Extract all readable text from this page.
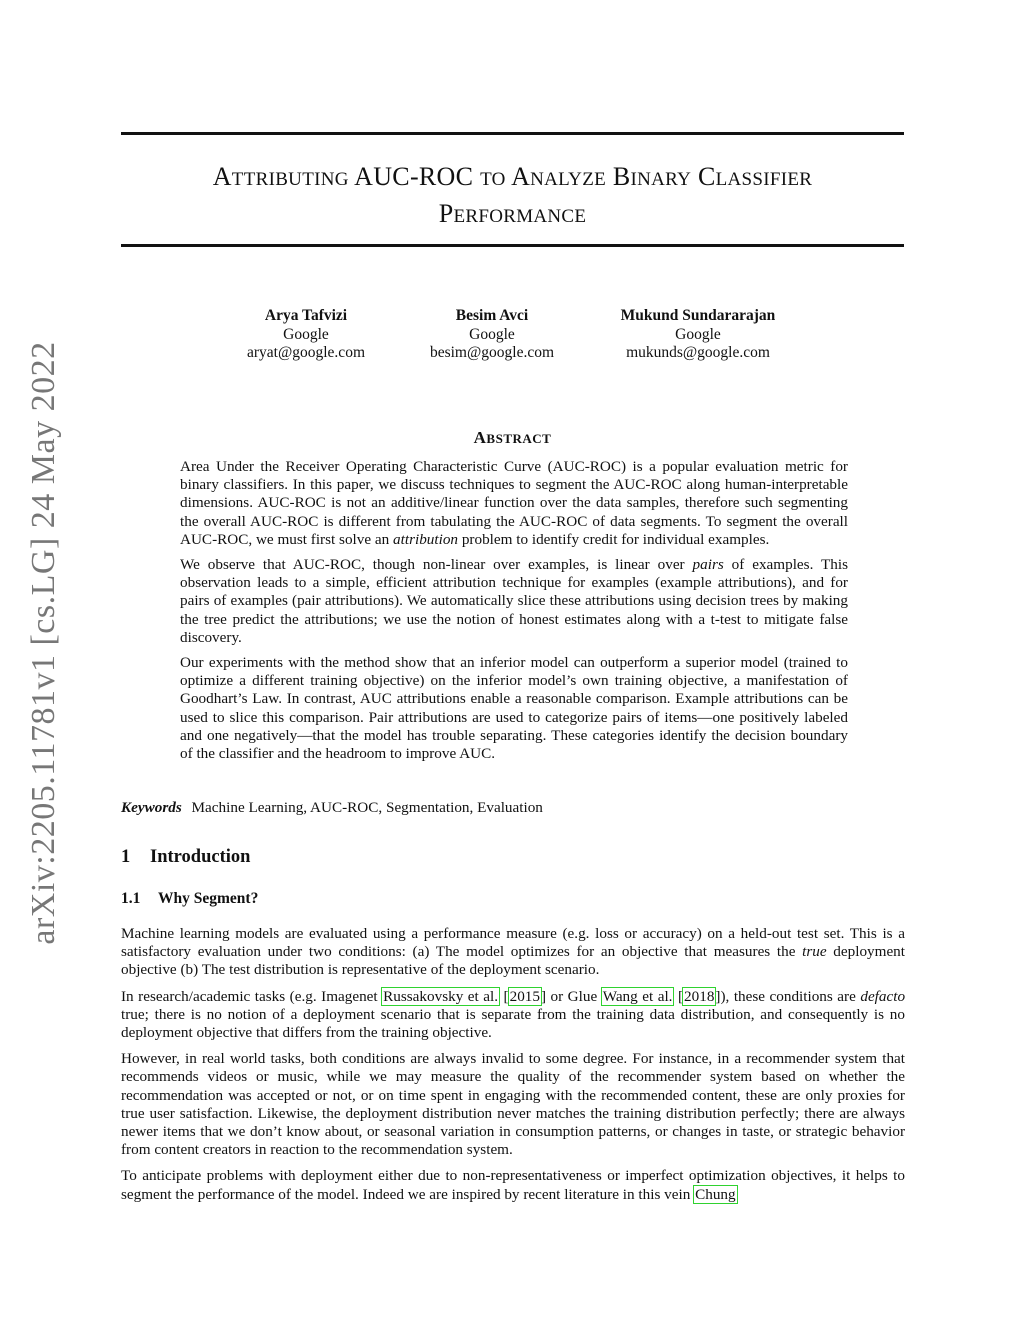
arXiv:2205.11781v1 [cs.LG] 24 May 2022
ATTRIBUTING AUC-ROC TO ANALYZE BINARY CLASSIFIER
PERFORMANCE
Arya Tafvizi
Google
aryat@google.com
Besim Avci
Google
besim@google.com
Mukund Sundararajan
Google
mukunds@google.com
ABSTRACT

Area Under the Receiver Operating Characteristic Curve (AUC-ROC) is a popular evaluation metric for binary classifiers. In this paper, we discuss techniques to segment the AUC-ROC along human-interpretable dimensions. AUC-ROC is not an additive/linear function over the data samples, therefore such segmenting the overall AUC-ROC is different from tabulating the AUC-ROC of data segments. To segment the overall AUC-ROC, we must first solve an attribution problem to identify credit for individual examples.

We observe that AUC-ROC, though non-linear over examples, is linear over pairs of examples. This observation leads to a simple, efficient attribution technique for examples (example attributions), and for pairs of examples (pair attributions). We automatically slice these attributions using decision trees by making the tree predict the attributions; we use the notion of honest estimates along with a t-test to mitigate false discovery.

Our experiments with the method show that an inferior model can outperform a superior model (trained to optimize a different training objective) on the inferior model’s own training objective, a manifestation of Goodhart’s Law. In contrast, AUC attributions enable a reasonable comparison. Example attributions can be used to slice this comparison. Pair attributions are used to categorize pairs of items—one positively labeled and one negatively—that the model has trouble separating. These categories identify the decision boundary of the classifier and the headroom to improve AUC.

Keywords Machine Learning, AUC-ROC, Segmentation, Evaluation
1 Introduction
1.1 Why Segment?

Machine learning models are evaluated using a performance measure (e.g. loss or accuracy) on a held-out test set. This is a satisfactory evaluation under two conditions: (a) The model optimizes for an objective that measures the true deployment objective (b) The test distribution is representative of the deployment scenario.

In research/academic tasks (e.g. Imagenet Russakovsky et al. [2015] or Glue Wang et al. [2018]), these conditions are defacto true; there is no notion of a deployment scenario that is separate from the training data distribution, and consequently is no deployment objective that differs from the training objective.

However, in real world tasks, both conditions are always invalid to some degree. For instance, in a recommender system that recommends videos or music, while we may measure the quality of the recommender system based on whether the recommendation was accepted or not, or on time spent in engaging with the recommended content, these are only proxies for true user satisfaction. Likewise, the deployment distribution never matches the training distribution perfectly; there are always newer items that we don’t know about, or seasonal variation in consumption patterns, or changes in taste, or strategic behavior from content creators in reaction to the recommendation system.

To anticipate problems with deployment either due to non-representativeness or imperfect optimization objectives, it helps to segment the performance of the model. Indeed we are inspired by recent literature in this vein Chung
